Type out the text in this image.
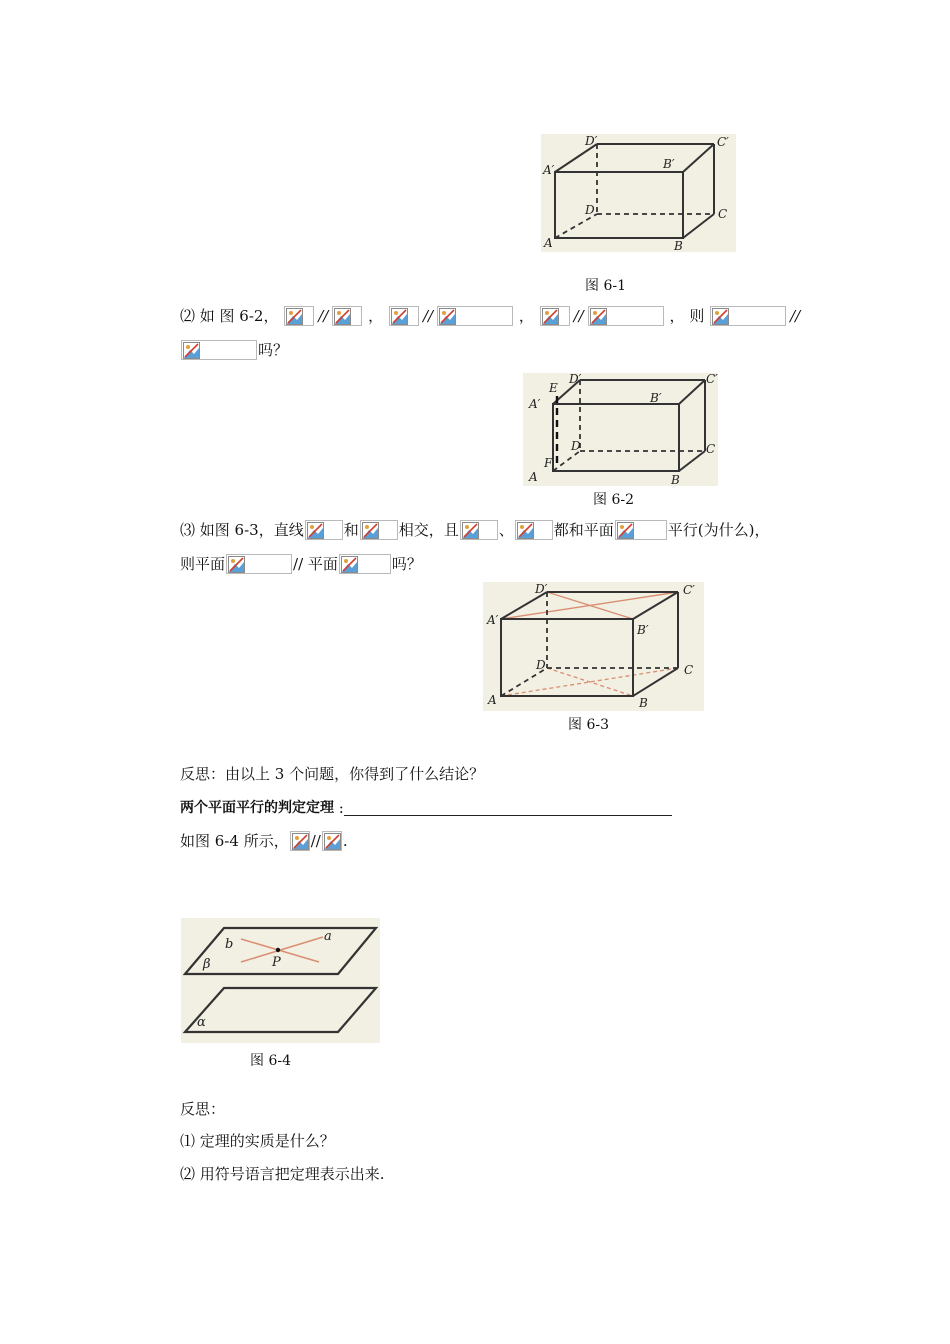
D′	C′
A′	B′
D	C
A	B
图 6-1
⑵ 如 图 6-2，	//	，	//	，	//	， 则	//
吗？
E
D′	C′
A′	B′
D	C
F
A	B
图 6-2
⑶ 如图 6-3，直线	和	相交，且	、	都和平面	平行(为什么)，
则平面	// 平面	吗？
D′	C′
A′
B′
D	C
A	B
图 6-3
反思：由以上 3 个问题，你得到了什么结论？
两个平面平行的判定定理 :
如图 6-4 所示， // .
b
a
P
β
α
图 6-4
反思：
⑴ 定理的实质是什么？
⑵ 用符号语言把定理表示出来.
